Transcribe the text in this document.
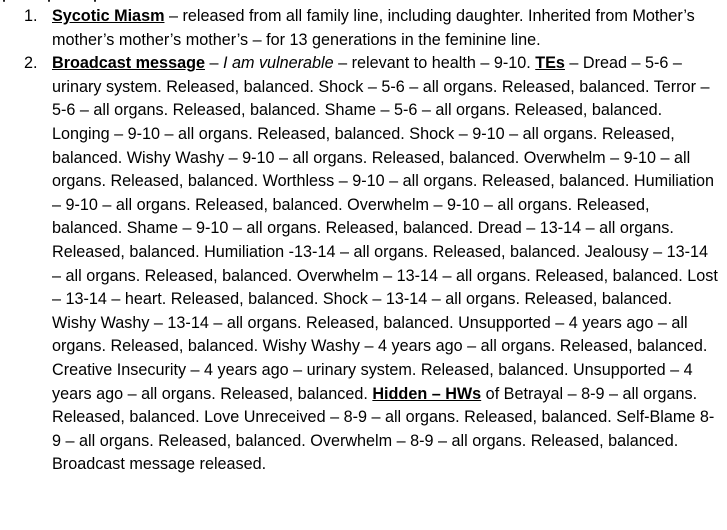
1. Sycotic Miasm – released from all family line, including daughter. Inherited from Mother’s mother’s mother’s mother’s – for 13 generations in the feminine line.
2. Broadcast message – I am vulnerable – relevant to health – 9-10. TEs – Dread – 5-6 – urinary system. Released, balanced. Shock – 5-6 – all organs. Released, balanced. Terror – 5-6 – all organs. Released, balanced. Shame – 5-6 – all organs. Released, balanced. Longing – 9-10 – all organs. Released, balanced. Shock – 9-10 – all organs. Released, balanced. Wishy Washy – 9-10 – all organs. Released, balanced. Overwhelm – 9-10 – all organs. Released, balanced. Worthless – 9-10 – all organs. Released, balanced. Humiliation – 9-10 – all organs. Released, balanced. Overwhelm – 9-10 – all organs. Released, balanced. Shame – 9-10 – all organs. Released, balanced. Dread – 13-14 – all organs. Released, balanced. Humiliation -13-14 – all organs. Released, balanced. Jealousy – 13-14 – all organs. Released, balanced. Overwhelm – 13-14 – all organs. Released, balanced. Lost – 13-14 – heart. Released, balanced. Shock – 13-14 – all organs. Released, balanced. Wishy Washy – 13-14 – all organs. Released, balanced. Unsupported – 4 years ago – all organs. Released, balanced. Wishy Washy – 4 years ago – all organs. Released, balanced. Creative Insecurity – 4 years ago – urinary system. Released, balanced. Unsupported – 4 years ago – all organs. Released, balanced. Hidden – HWs of Betrayal – 8-9 – all organs. Released, balanced. Love Unreceived – 8-9 – all organs. Released, balanced. Self-Blame 8-9 – all organs. Released, balanced. Overwhelm – 8-9 – all organs. Released, balanced. Broadcast message released.
